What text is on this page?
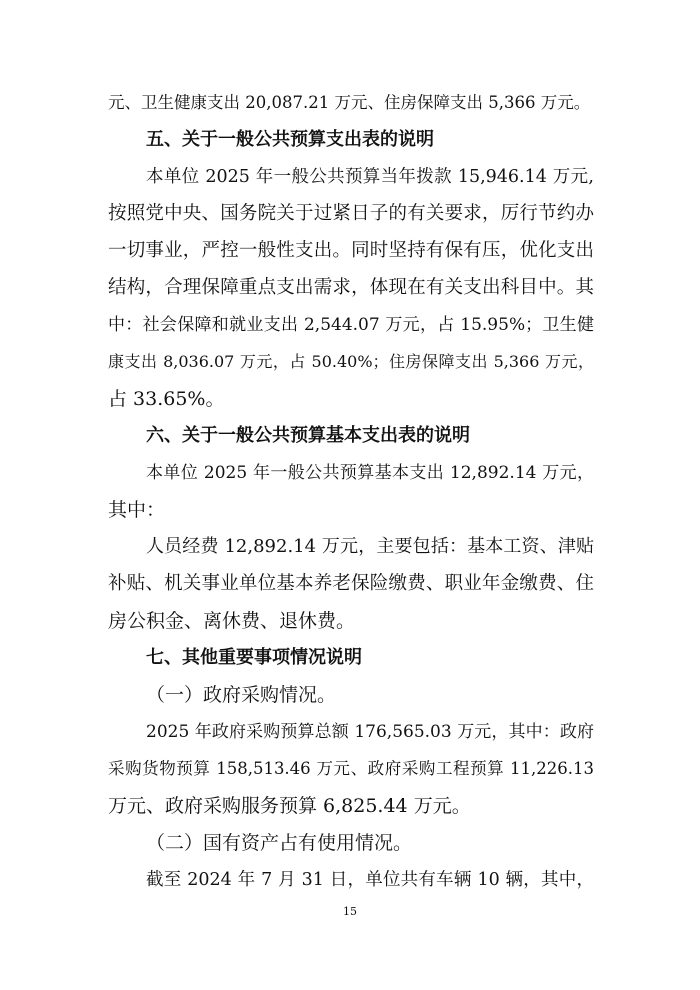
元、卫生健康支出 20,087.21 万元、住房保障支出 5,366 万元。
五、关于一般公共预算支出表的说明
本单位 2025 年一般公共预算当年拨款 15,946.14 万元,
按照党中央、国务院关于过紧日子的有关要求，厉行节约办
一切事业，严控一般性支出。同时坚持有保有压，优化支出
结构，合理保障重点支出需求，体现在有关支出科目中。其
中：社会保障和就业支出 2,544.07 万元，占 15.95%；卫生健
康支出 8,036.07 万元，占 50.40%；住房保障支出 5,366 万元，
占 33.65%。
六、关于一般公共预算基本支出表的说明
本单位 2025 年一般公共预算基本支出 12,892.14 万元，
其中：
人员经费 12,892.14 万元，主要包括：基本工资、津贴
补贴、机关事业单位基本养老保险缴费、职业年金缴费、住
房公积金、离休费、退休费。
七、其他重要事项情况说明
（一）政府采购情况。
2025 年政府采购预算总额 176,565.03 万元，其中：政府
采购货物预算 158,513.46 万元、政府采购工程预算 11,226.13
万元、政府采购服务预算 6,825.44 万元。
（二）国有资产占有使用情况。
截至 2024 年 7 月 31 日，单位共有车辆 10 辆，其中，
15
